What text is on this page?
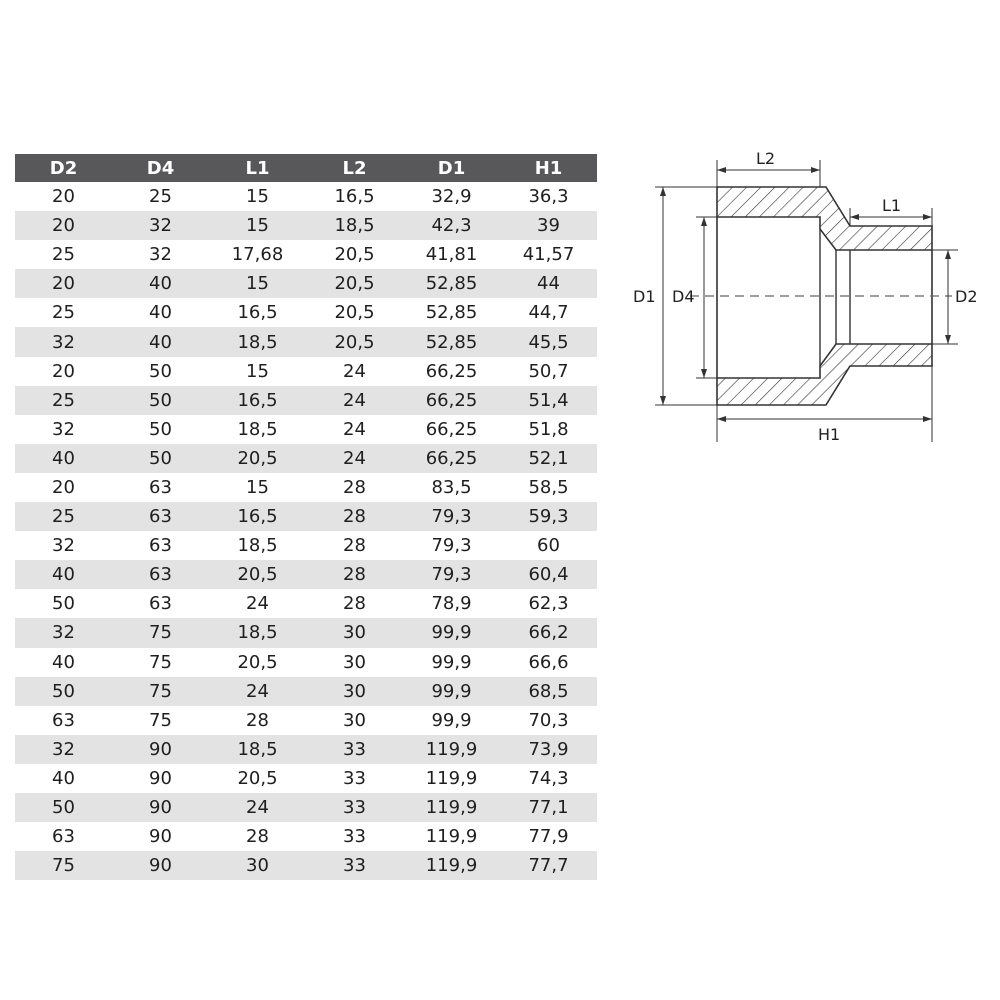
D2	D4	L1	L2	D1	H1
20	25	15	16,5	32,9	36,3
20	32	15	18,5	42,3	39
25	32	17,68	20,5	41,81	41,57
20	40	15	20,5	52,85	44
25	40	16,5	20,5	52,85	44,7
32	40	18,5	20,5	52,85	45,5
20	50	15	24	66,25	50,7
25	50	16,5	24	66,25	51,4
32	50	18,5	24	66,25	51,8
40	50	20,5	24	66,25	52,1
20	63	15	28	83,5	58,5
25	63	16,5	28	79,3	59,3
32	63	18,5	28	79,3	60
40	63	20,5	28	79,3	60,4
50	63	24	28	78,9	62,3
32	75	18,5	30	99,9	66,2
40	75	20,5	30	99,9	66,6
50	75	24	30	99,9	68,5
63	75	28	30	99,9	70,3
32	90	18,5	33	119,9	73,9
40	90	20,5	33	119,9	74,3
50	90	24	33	119,9	77,1
63	90	28	33	119,9	77,9
75	90	30	33	119,9	77,7
L2
L1
D1 D4	D2
H1
